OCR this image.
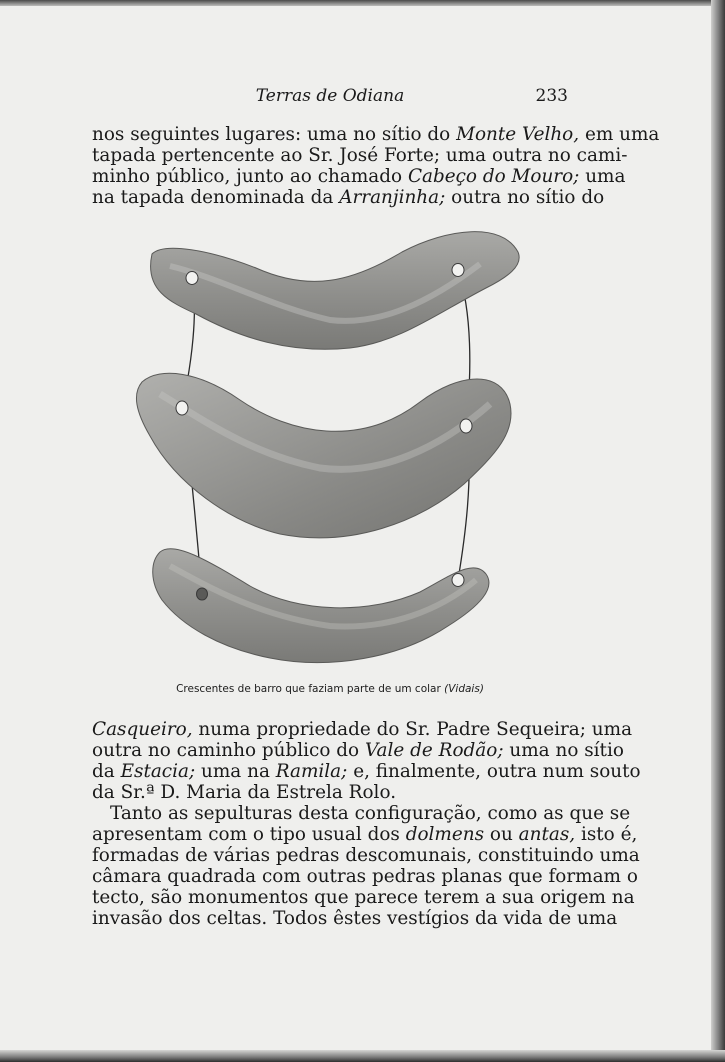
Terras de Odiana	233
nos seguintes lugares: uma no sítio do Monte Velho, em uma
tapada pertencente ao Sr. José Forte; uma outra no cami-
minho público, junto ao chamado Cabeço do Mouro; uma
na tapada denominada da Arranjinha; outra no sítio do
Crescentes de barro que faziam parte de um colar (Vidais)
Casqueiro, numa propriedade do Sr. Padre Sequeira; uma
outra no caminho público do Vale de Rodão; uma no sítio
da Estacia; uma na Ramila; e, finalmente, outra num souto
da Sr.ª D. Maria da Estrela Rolo.
Tanto as sepulturas desta configuração, como as que se
apresentam com o tipo usual dos dolmens ou antas, isto é,
formadas de várias pedras descomunais, constituindo uma
câmara quadrada com outras pedras planas que formam o
tecto, são monumentos que parece terem a sua origem na
invasão dos celtas. Todos êstes vestígios da vida de uma
